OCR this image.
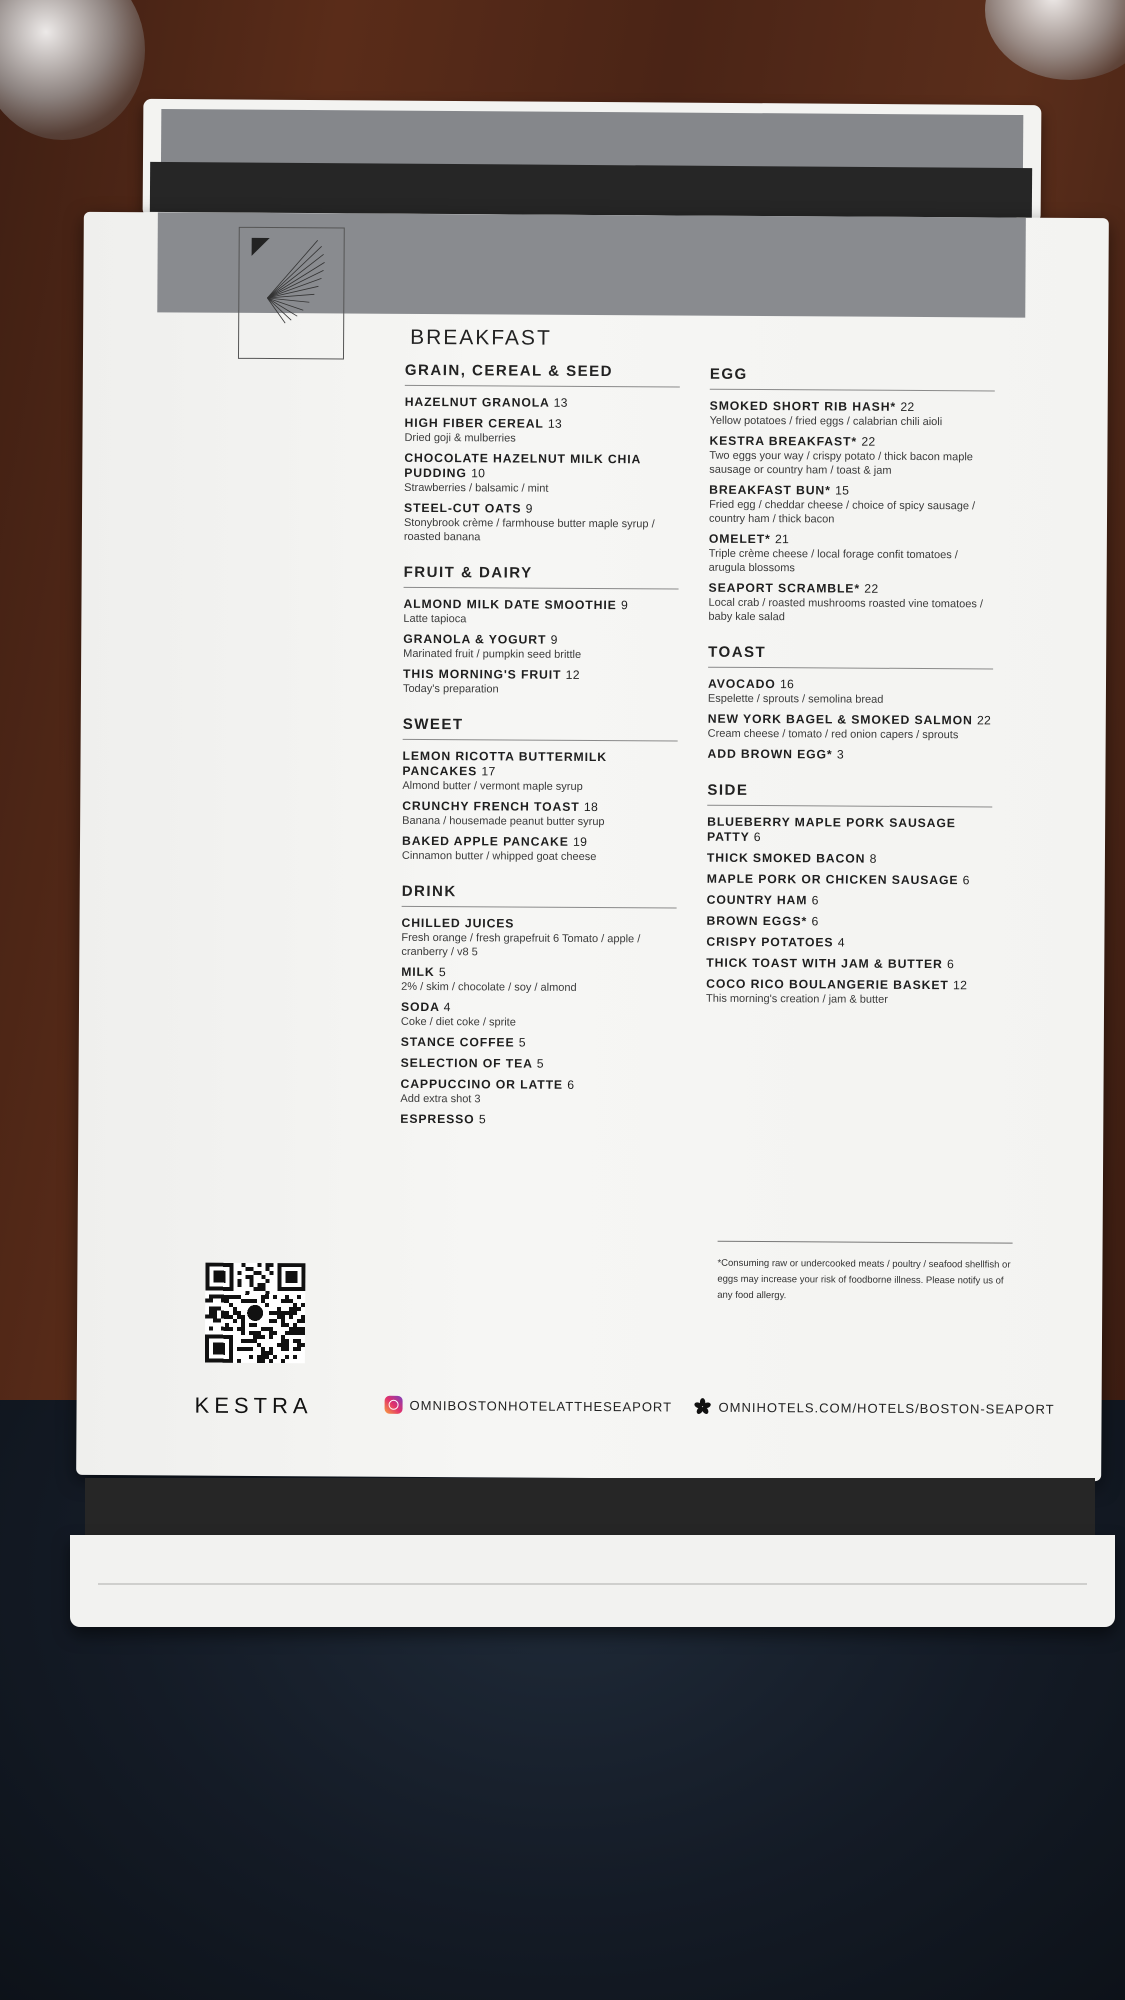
BREAKFAST
GRAIN, CEREAL & SEED
HAZELNUT GRANOLA 13
HIGH FIBER CEREAL 13
Dried goji & mulberries
CHOCOLATE HAZELNUT MILK CHIA PUDDING 10
Strawberries / balsamic / mint
STEEL-CUT OATS 9
Stonybrook crème / farmhouse butter maple syrup / roasted banana
FRUIT & DAIRY
ALMOND MILK DATE SMOOTHIE 9
Latte tapioca
GRANOLA & YOGURT 9
Marinated fruit / pumpkin seed brittle
THIS MORNING'S FRUIT 12
Today's preparation
SWEET
LEMON RICOTTA BUTTERMILK PANCAKES 17
Almond butter / vermont maple syrup
CRUNCHY FRENCH TOAST 18
Banana / housemade peanut butter syrup
BAKED APPLE PANCAKE 19
Cinnamon butter / whipped goat cheese
DRINK
CHILLED JUICES
Fresh orange / fresh grapefruit 6 Tomato / apple / cranberry / v8 5
MILK 5
2% / skim / chocolate / soy / almond
SODA 4
Coke / diet coke / sprite
STANCE COFFEE 5
SELECTION OF TEA 5
CAPPUCCINO OR LATTE 6
Add extra shot 3
ESPRESSO 5
EGG
SMOKED SHORT RIB HASH* 22
Yellow potatoes / fried eggs / calabrian chili aioli
KESTRA BREAKFAST* 22
Two eggs your way / crispy potato / thick bacon maple sausage or country ham / toast & jam
BREAKFAST BUN* 15
Fried egg / cheddar cheese / choice of spicy sausage / country ham / thick bacon
OMELET* 21
Triple crème cheese / local forage confit tomatoes / arugula blossoms
SEAPORT SCRAMBLE* 22
Local crab / roasted mushrooms roasted vine tomatoes / baby kale salad
TOAST
AVOCADO 16
Espelette / sprouts / semolina bread
NEW YORK BAGEL & SMOKED SALMON 22
Cream cheese / tomato / red onion capers / sprouts
ADD BROWN EGG* 3
SIDE
BLUEBERRY MAPLE PORK SAUSAGE PATTY 6
THICK SMOKED BACON 8
MAPLE PORK OR CHICKEN SAUSAGE 6
COUNTRY HAM 6
BROWN EGGS* 6
CRISPY POTATOES 4
THICK TOAST WITH JAM & BUTTER 6
COCO RICO BOULANGERIE BASKET 12
This morning's creation / jam & butter
*Consuming raw or undercooked meats / poultry / seafood shellfish or eggs may increase your risk of foodborne illness. Please notify us of any food allergy.
KESTRA	OMNIBOSTONHOTELATTHESEAPORT	OMNIHOTELS.COM/HOTELS/BOSTON-SEAPORT
